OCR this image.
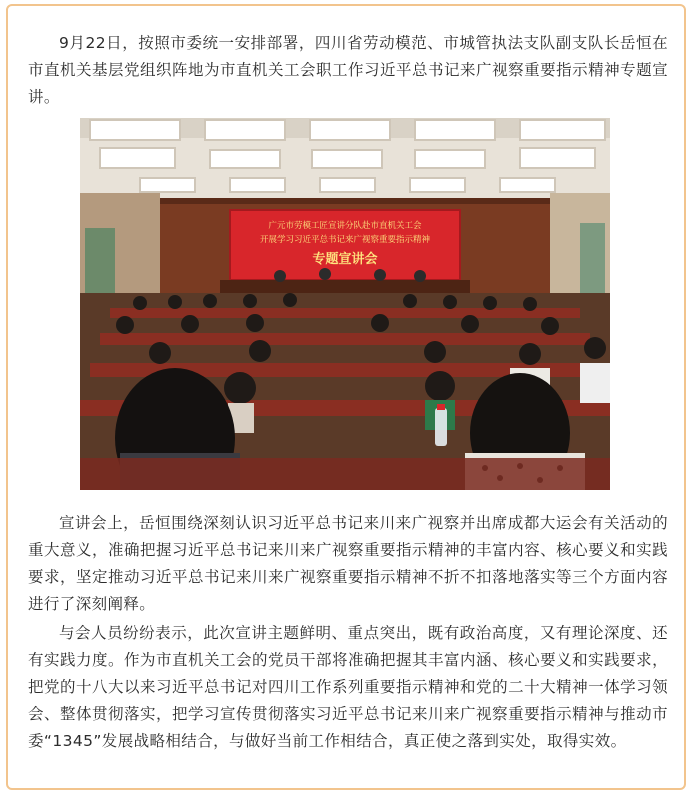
9月22日，按照市委统一安排部署，四川省劳动模范、市城管执法支队副支队长岳恒在市直机关基层党组织阵地为市直机关工会职工作习近平总书记来广视察重要指示精神专题宣讲。

广元市劳模工匠宣讲分队赴市直机关工会
开展学习习近平总书记来广视察重要指示精神
专题宣讲会

宣讲会上，岳恒围绕深刻认识习近平总书记来川来广视察并出席成都大运会有关活动的重大意义，准确把握习近平总书记来川来广视察重要指示精神的丰富内容、核心要义和实践要求，坚定推动习近平总书记来川来广视察重要指示精神不折不扣落地落实等三个方面内容进行了深刻阐释。

与会人员纷纷表示，此次宣讲主题鲜明、重点突出，既有政治高度，又有理论深度、还有实践力度。作为市直机关工会的党员干部将准确把握其丰富内涵、核心要义和实践要求，把党的十八大以来习近平总书记对四川工作系列重要指示精神和党的二十大精神一体学习领会、整体贯彻落实，把学习宣传贯彻落实习近平总书记来川来广视察重要指示精神与推动市委“1345”发展战略相结合，与做好当前工作相结合，真正使之落到实处，取得实效。
